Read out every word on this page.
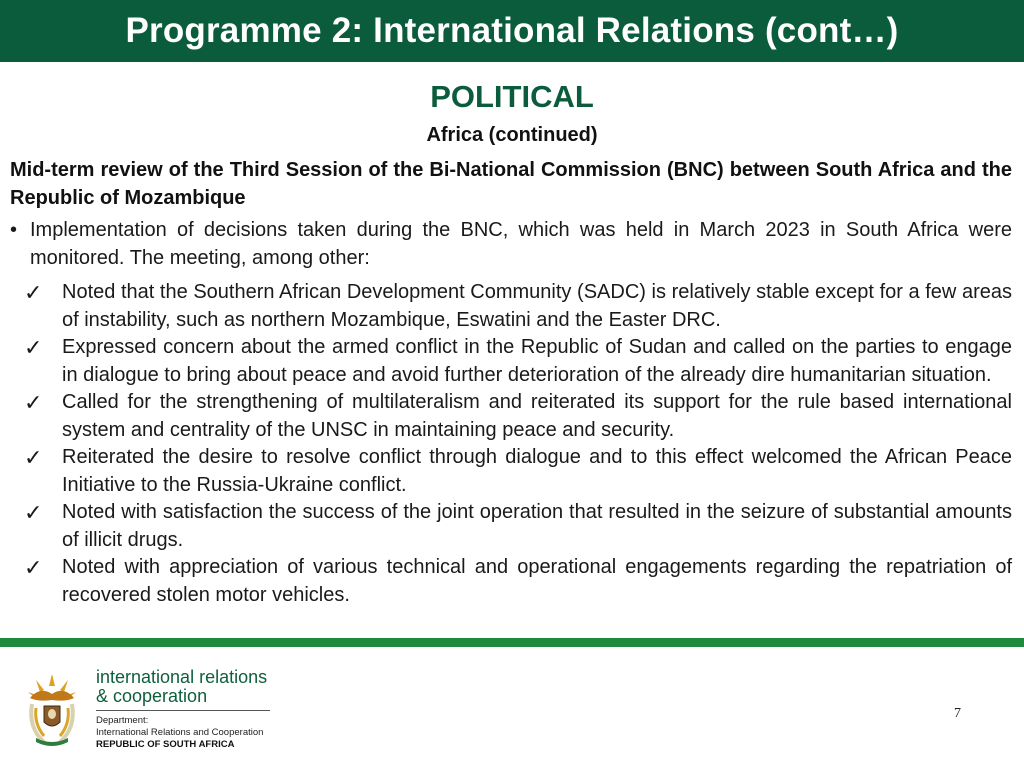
Programme 2: International Relations (cont…)
POLITICAL
Africa (continued)
Mid-term review of the Third Session of the Bi-National Commission (BNC) between South Africa and the Republic of Mozambique
• Implementation of decisions taken during the BNC, which was held in March 2023 in South Africa were monitored. The meeting, among other:
✓ Noted that the Southern African Development Community (SADC) is relatively stable except for a few areas of instability, such as northern Mozambique, Eswatini and the Easter DRC.
✓ Expressed concern about the armed conflict in the Republic of Sudan and called on the parties to engage in dialogue to bring about peace and avoid further deterioration of the already dire humanitarian situation.
✓ Called for the strengthening of multilateralism and reiterated its support for the rule based international system and centrality of the UNSC in maintaining peace and security.
✓ Reiterated the desire to resolve conflict through dialogue and to this effect welcomed the African Peace Initiative to the Russia-Ukraine conflict.
✓ Noted with satisfaction the success of the joint operation that resulted in the seizure of substantial amounts of illicit drugs.
✓ Noted with appreciation of various technical and operational engagements regarding the repatriation of recovered stolen motor vehicles.
international relations
& cooperation
Department:
International Relations and Cooperation
REPUBLIC OF SOUTH AFRICA
7
